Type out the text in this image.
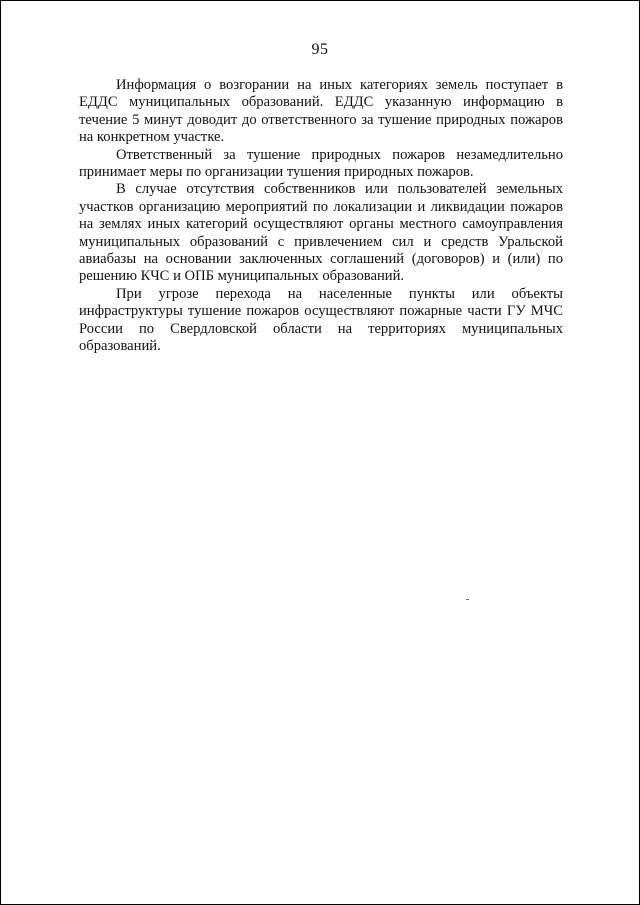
95

Информация о возгорании на иных категориях земель поступает в ЕДДС муниципальных образований. ЕДДС указанную информацию в течение 5 минут доводит до ответственного за тушение природных пожаров на конкретном участке.

Ответственный за тушение природных пожаров незамедлительно принимает меры по организации тушения природных пожаров.

В случае отсутствия собственников или пользователей земельных участков организацию мероприятий по локализации и ликвидации пожаров на землях иных категорий осуществляют органы местного самоуправления муниципальных образований с привлечением сил и средств Уральской авиабазы на основании заключенных соглашений (договоров) и (или) по решению КЧС и ОПБ муниципальных образований.

При угрозе перехода на населенные пункты или объекты инфраструктуры тушение пожаров осуществляют пожарные части ГУ МЧС России по Свердловской области на территориях муниципальных образований.
